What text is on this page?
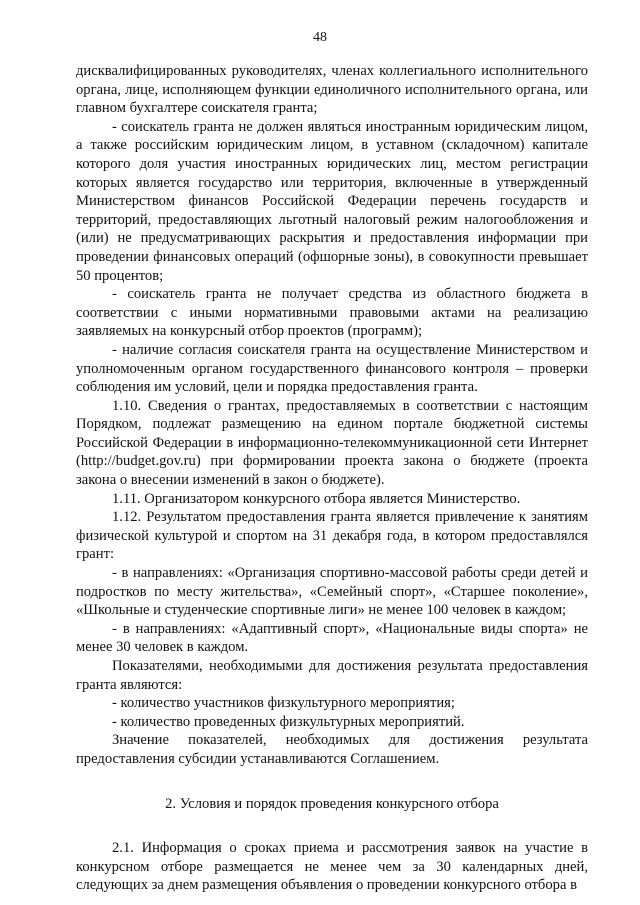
48

дисквалифицированных руководителях, членах коллегиального исполнительного органа, лице, исполняющем функции единоличного исполнительного органа, или главном бухгалтере соискателя гранта;

- соискатель гранта не должен являться иностранным юридическим лицом, а также российским юридическим лицом, в уставном (складочном) капитале которого доля участия иностранных юридических лиц, местом регистрации которых является государство или территория, включенные в утвержденный Министерством финансов Российской Федерации перечень государств и территорий, предоставляющих льготный налоговый режим налогообложения и (или) не предусматривающих раскрытия и предоставления информации при проведении финансовых операций (офшорные зоны), в совокупности превышает 50 процентов;

- соискатель гранта не получает средства из областного бюджета в соответствии с иными нормативными правовыми актами на реализацию заявляемых на конкурсный отбор проектов (программ);

- наличие согласия соискателя гранта на осуществление Министерством и уполномоченным органом государственного финансового контроля – проверки соблюдения им условий, цели и порядка предоставления гранта.

1.10. Сведения о грантах, предоставляемых в соответствии с настоящим Порядком, подлежат размещению на едином портале бюджетной системы Российской Федерации в информационно-телекоммуникационной сети Интернет (http://budget.gov.ru) при формировании проекта закона о бюджете (проекта закона о внесении изменений в закон о бюджете).

1.11. Организатором конкурсного отбора является Министерство.

1.12. Результатом предоставления гранта является привлечение к занятиям физической культурой и спортом на 31 декабря года, в котором предоставлялся грант:

- в направлениях: «Организация спортивно-массовой работы среди детей и подростков по месту жительства», «Семейный спорт», «Старшее поколение», «Школьные и студенческие спортивные лиги» не менее 100 человек в каждом;

- в направлениях: «Адаптивный спорт», «Национальные виды спорта» не менее 30 человек в каждом.

Показателями, необходимыми для достижения результата предоставления гранта являются:

- количество участников физкультурного мероприятия;

- количество проведенных физкультурных мероприятий.

Значение показателей, необходимых для достижения результата предоставления субсидии устанавливаются Соглашением.

2. Условия и порядок проведения конкурсного отбора

2.1. Информация о сроках приема и рассмотрения заявок на участие в конкурсном отборе размещается не менее чем за 30 календарных дней, следующих за днем размещения объявления о проведении конкурсного отбора в
